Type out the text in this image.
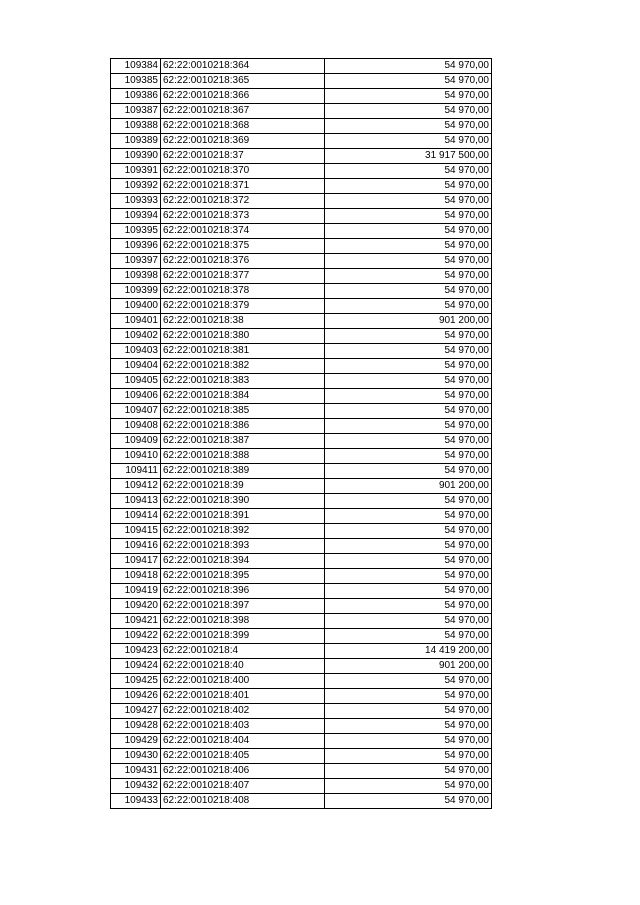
109384	62:22:0010218:364	54 970,00
109385	62:22:0010218:365	54 970,00
109386	62:22:0010218:366	54 970,00
109387	62:22:0010218:367	54 970,00
109388	62:22:0010218:368	54 970,00
109389	62:22:0010218:369	54 970,00
109390	62:22:0010218:37	31 917 500,00
109391	62:22:0010218:370	54 970,00
109392	62:22:0010218:371	54 970,00
109393	62:22:0010218:372	54 970,00
109394	62:22:0010218:373	54 970,00
109395	62:22:0010218:374	54 970,00
109396	62:22:0010218:375	54 970,00
109397	62:22:0010218:376	54 970,00
109398	62:22:0010218:377	54 970,00
109399	62:22:0010218:378	54 970,00
109400	62:22:0010218:379	54 970,00
109401	62:22:0010218:38	901 200,00
109402	62:22:0010218:380	54 970,00
109403	62:22:0010218:381	54 970,00
109404	62:22:0010218:382	54 970,00
109405	62:22:0010218:383	54 970,00
109406	62:22:0010218:384	54 970,00
109407	62:22:0010218:385	54 970,00
109408	62:22:0010218:386	54 970,00
109409	62:22:0010218:387	54 970,00
109410	62:22:0010218:388	54 970,00
109411	62:22:0010218:389	54 970,00
109412	62:22:0010218:39	901 200,00
109413	62:22:0010218:390	54 970,00
109414	62:22:0010218:391	54 970,00
109415	62:22:0010218:392	54 970,00
109416	62:22:0010218:393	54 970,00
109417	62:22:0010218:394	54 970,00
109418	62:22:0010218:395	54 970,00
109419	62:22:0010218:396	54 970,00
109420	62:22:0010218:397	54 970,00
109421	62:22:0010218:398	54 970,00
109422	62:22:0010218:399	54 970,00
109423	62:22:0010218:4	14 419 200,00
109424	62:22:0010218:40	901 200,00
109425	62:22:0010218:400	54 970,00
109426	62:22:0010218:401	54 970,00
109427	62:22:0010218:402	54 970,00
109428	62:22:0010218:403	54 970,00
109429	62:22:0010218:404	54 970,00
109430	62:22:0010218:405	54 970,00
109431	62:22:0010218:406	54 970,00
109432	62:22:0010218:407	54 970,00
109433	62:22:0010218:408	54 970,00
